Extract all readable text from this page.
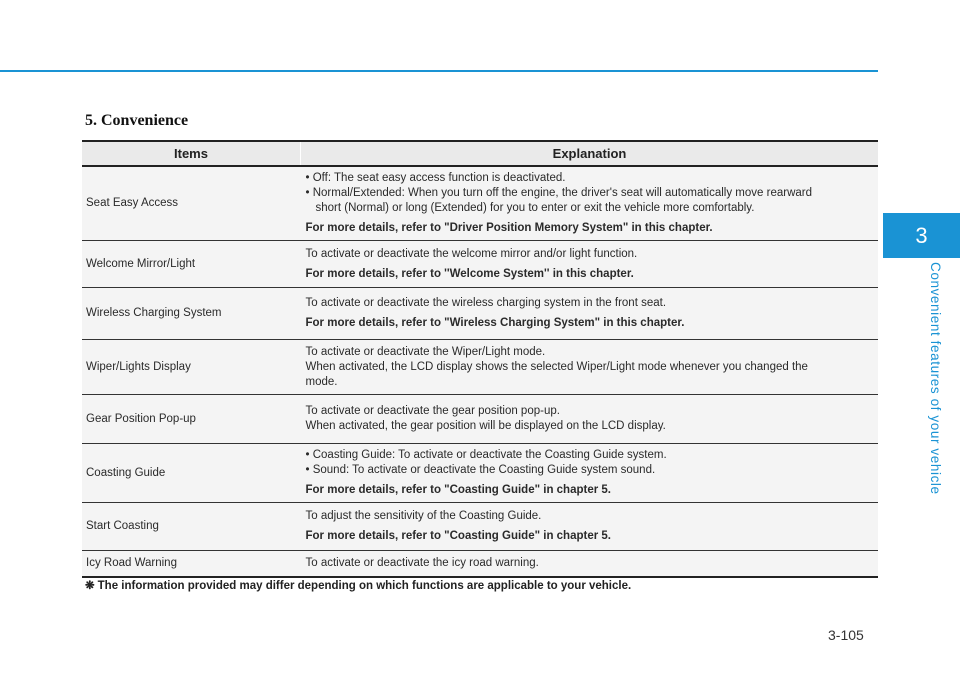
5. Convenience
3
Convenient features of your vehicle
Items	Explanation
Seat Easy Access	• Off: The seat easy access function is deactivated.
• Normal/Extended: When you turn off the engine, the driver's seat will automatically move rearward
short (Normal) or long (Extended) for you to enter or exit the vehicle more comfortably.
For more details, refer to "Driver Position Memory System" in this chapter.

Welcome Mirror/Light	To activate or deactivate the welcome mirror and/or light function.
For more details, refer to ''Welcome System'' in this chapter.

Wireless Charging System	To activate or deactivate the wireless charging system in the front seat.
For more details, refer to "Wireless Charging System" in this chapter.

Wiper/Lights Display	To activate or deactivate the Wiper/Light mode.
When activated, the LCD display shows the selected Wiper/Light mode whenever you changed the
mode.

Gear Position Pop-up	To activate or deactivate the gear position pop-up.
When activated, the gear position will be displayed on the LCD display.

Coasting Guide	• Coasting Guide: To activate or deactivate the Coasting Guide system.
• Sound: To activate or deactivate the Coasting Guide system sound.
For more details, refer to "Coasting Guide" in chapter 5.

Start Coasting	To adjust the sensitivity of the Coasting Guide.
For more details, refer to "Coasting Guide" in chapter 5.

Icy Road Warning	To activate or deactivate the icy road warning.
❋ The information provided may differ depending on which functions are applicable to your vehicle.
3-105
